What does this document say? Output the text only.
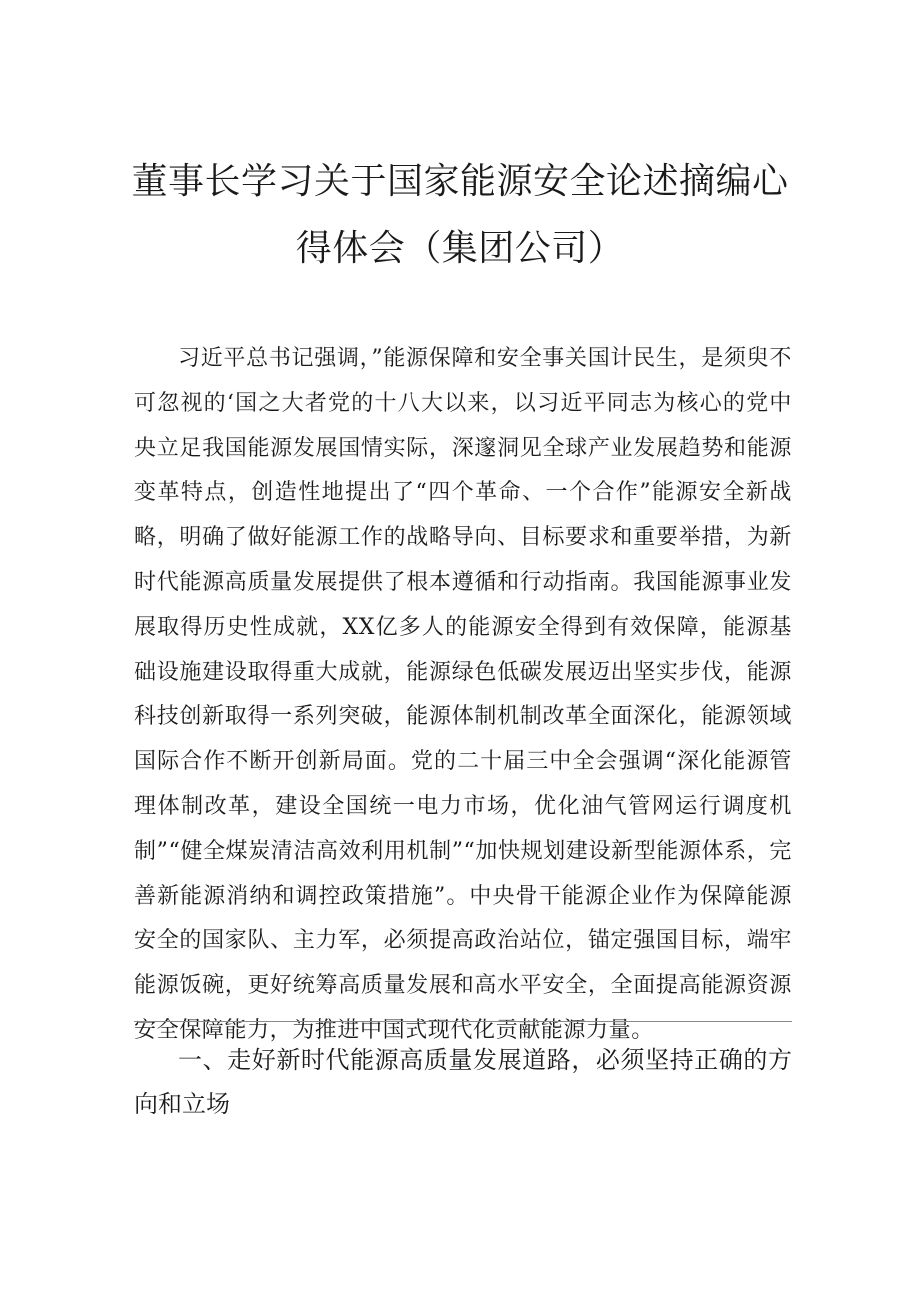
董事长学习关于国家能源安全论述摘编心
得体会（集团公司）

习近平总书记强调，”能源保障和安全事关国计民生，是须臾不可忽视的‘国之大者党的十八大以来，以习近平同志为核心的党中央立足我国能源发展国情实际，深邃洞见全球产业发展趋势和能源变革特点，创造性地提出了“四个革命、一个合作”能源安全新战略，明确了做好能源工作的战略导向、目标要求和重要举措，为新时代能源高质量发展提供了根本遵循和行动指南。我国能源事业发展取得历史性成就，XX亿多人的能源安全得到有效保障，能源基础设施建设取得重大成就，能源绿色低碳发展迈出坚实步伐，能源科技创新取得一系列突破，能源体制机制改革全面深化，能源领域国际合作不断开创新局面。党的二十届三中全会强调“深化能源管理体制改革，建设全国统一电力市场，优化油气管网运行调度机制”“健全煤炭清洁高效利用机制”“加快规划建设新型能源体系，完善新能源消纳和调控政策措施”。中央骨干能源企业作为保障能源安全的国家队、主力军，必须提高政治站位，锚定强国目标，端牢能源饭碗，更好统筹高质量发展和高水平安全，全面提高能源资源安全保障能力，为推进中国式现代化贡献能源力量。

一、走好新时代能源高质量发展道路，必须坚持正确的方向和立场
